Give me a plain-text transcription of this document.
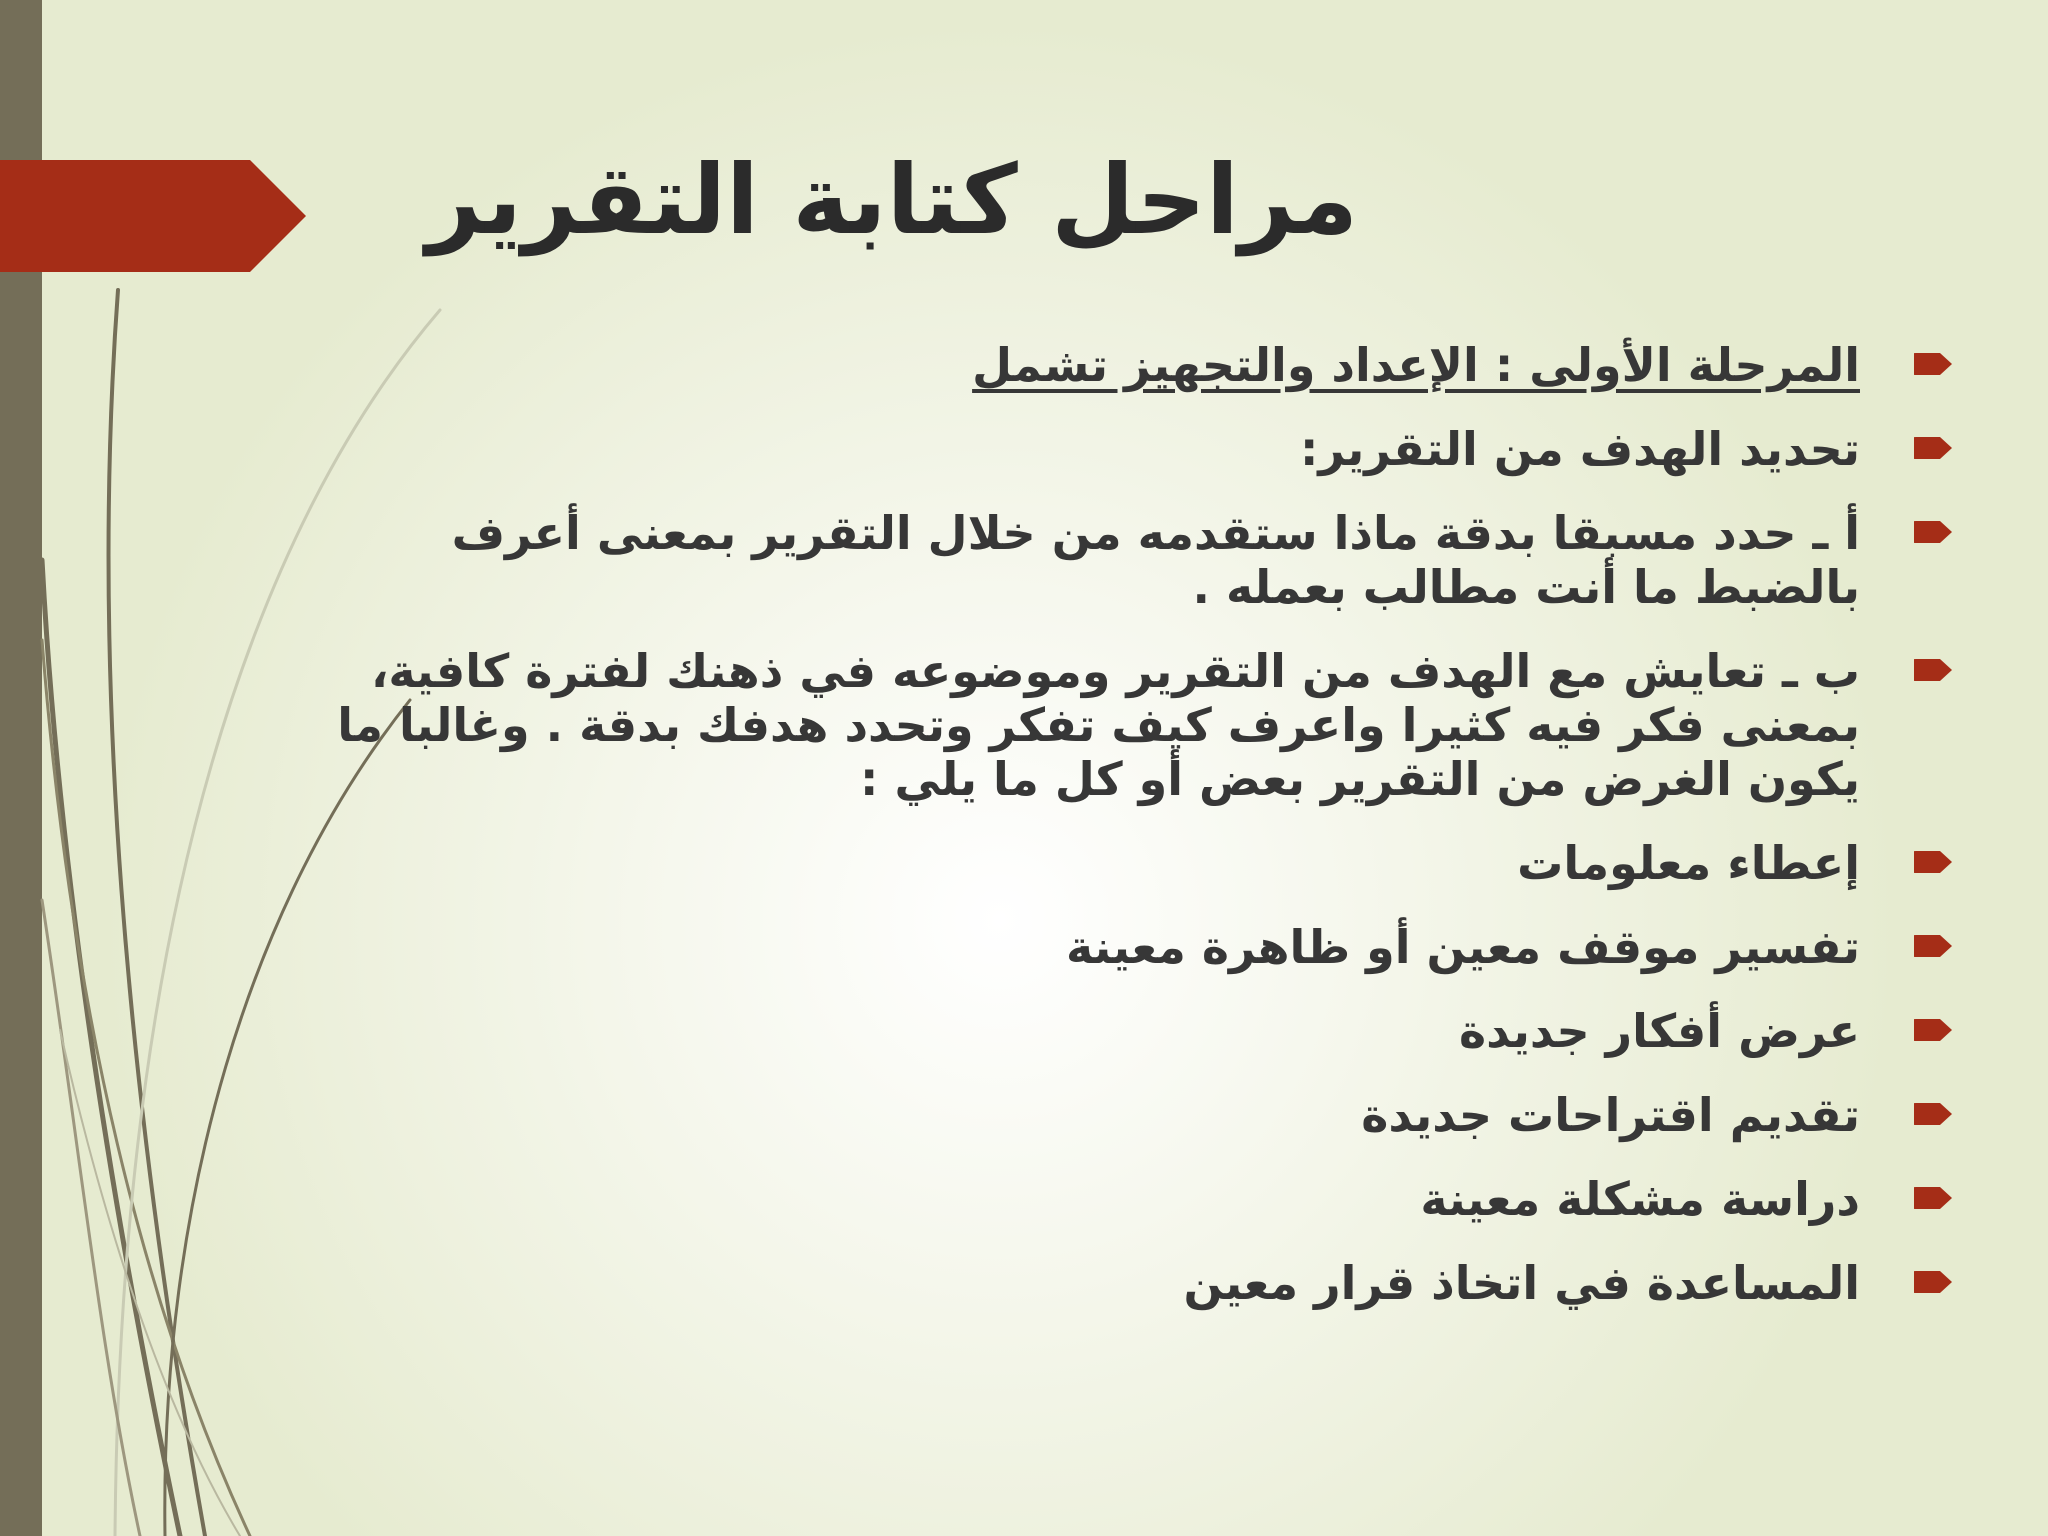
مراحل كتابة التقرير
المرحلة الأولى : الإعداد والتجهيز تشمل
تحديد الهدف من التقرير:
أ ـ حدد مسبقا بدقة ماذا ستقدمه من خلال التقرير بمعنى أعرف بالضبط ما أنت مطالب بعمله .
ب ـ تعايش مع الهدف من التقرير وموضوعه في ذهنك لفترة كافية، بمعنى فكر فيه كثيرا واعرف كيف تفكر وتحدد هدفك بدقة . وغالبا ما يكون الغرض من التقرير بعض أو كل ما يلي :
إعطاء معلومات
تفسير موقف معين أو ظاهرة معينة
عرض أفكار جديدة
تقديم اقتراحات جديدة
دراسة مشكلة معينة
المساعدة في اتخاذ قرار معين
